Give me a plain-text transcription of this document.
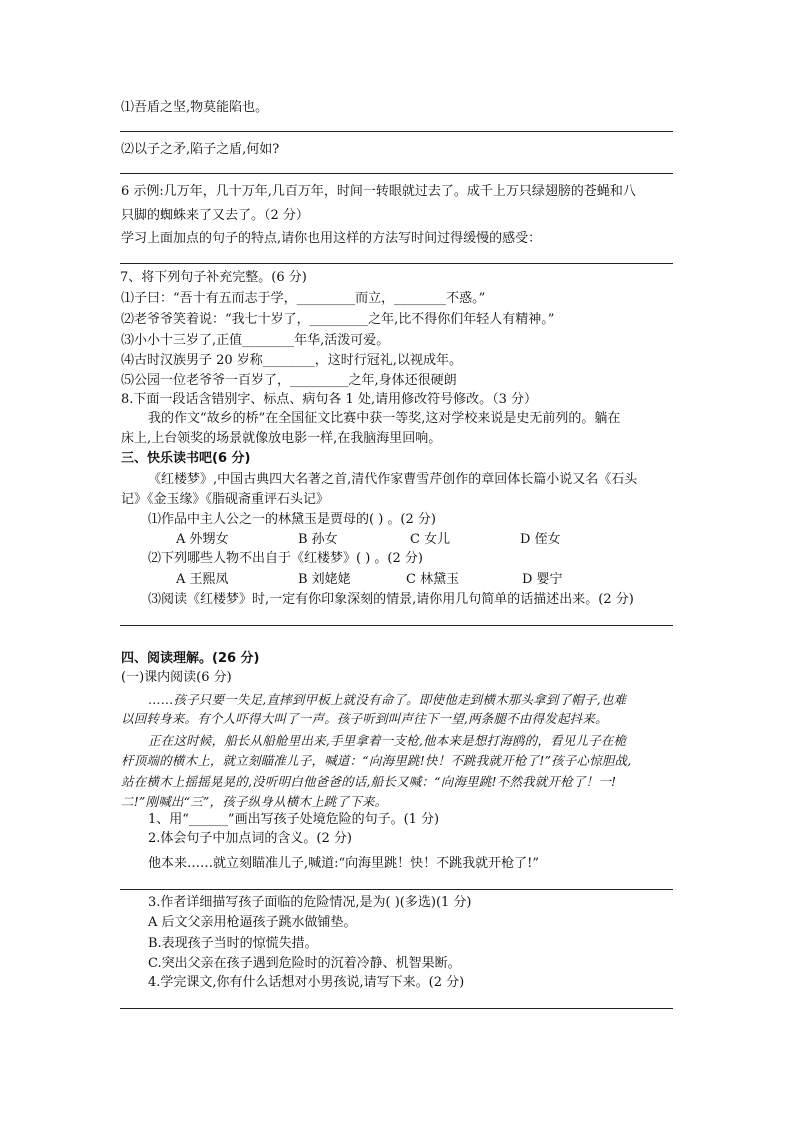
⑴吾盾之坚,物莫能陷也。
⑵以子之矛,陷子之盾,何如?
6 示例:几万年，几十万年,几百万年，时间一转眼就过去了。成千上万只绿翅膀的苍蝇和八
只脚的蜘蛛来了又去了。（2 分）
学习上面加点的句子的特点,请你也用这样的方法写时间过得缓慢的感受：
7、将下列句子补充完整。(6 分)
⑴子曰：“吾十有五而志于学，_________而立，________不惑。”
⑵老爷爷笑着说：“我七十岁了，_________之年,比不得你们年轻人有精神。”
⑶小小十三岁了,正值________年华,活泼可爱。
⑷古时汉族男子 20 岁称________，这时行冠礼,以视成年。
⑸公园一位老爷爷一百岁了，_________之年,身体还很硬朗
8.下面一段话含错别字、标点、病句各 1 处,请用修改符号修改。（3 分）
我的作文“故乡的桥”在全国征文比赛中获一等奖,这对学校来说是史无前列的。躺在
床上,上台领奖的场景就像放电影一样,在我脑海里回响。
三、快乐读书吧(6 分)
《红楼梦》,中国古典四大名著之首,清代作家曹雪芹创作的章回体长篇小说又名《石头
记》《金玉缘》《脂砚斋重评石头记》
⑴作品中主人公之一的林黛玉是贾母的( ) 。(2 分)
A 外甥女	B 孙女	C 女儿	D 侄女
⑵下列哪些人物不出自于《红楼梦》( ) 。(2 分)
A 王熙凤	B 刘姥姥	C 林黛玉	D 婴宁
⑶阅读《红楼梦》时,一定有你印象深刻的情景,请你用几句简单的话描述出来。(2 分)
四、阅读理解。(26 分)
(一)课内阅读(6 分)
……孩子只要一失足,直摔到甲板上就没有命了。即使他走到横木那头拿到了帽子,也难
以回转身来。有个人吓得大叫了一声。孩子听到叫声往下一望,两条腿不由得发起抖来。
正在这时候，船长从船舱里出来,手里拿着一支枪,他本来是想打海鸥的，看见儿子在桅
杆顶端的横木上，就立刻瞄准儿子，喊道：“向海里跳!快！不跳我就开枪了!”孩子心惊胆战,
站在横木上摇摇晃晃的,没听明白他爸爸的话,船长又喊：“向海里跳!不然我就开枪了！一!
二!”刚喊出“三”，孩子纵身从横木上跳了下来。
1、用“______”画出写孩子处境危险的句子。(1 分)
2.体会句子中加点词的含义。(2 分)
他本来……就立刻瞄准儿子,喊道:“向海里跳！快！不跳我就开枪了!”
3.作者详细描写孩子面临的危险情况,是为( )(多选)(1 分)
A 后文父亲用枪逼孩子跳水做铺垫。
B.表现孩子当时的惊慌失措。
C.突出父亲在孩子遇到危险时的沉着冷静、机智果断。
4.学完课文,你有什么话想对小男孩说,请写下来。(2 分)
